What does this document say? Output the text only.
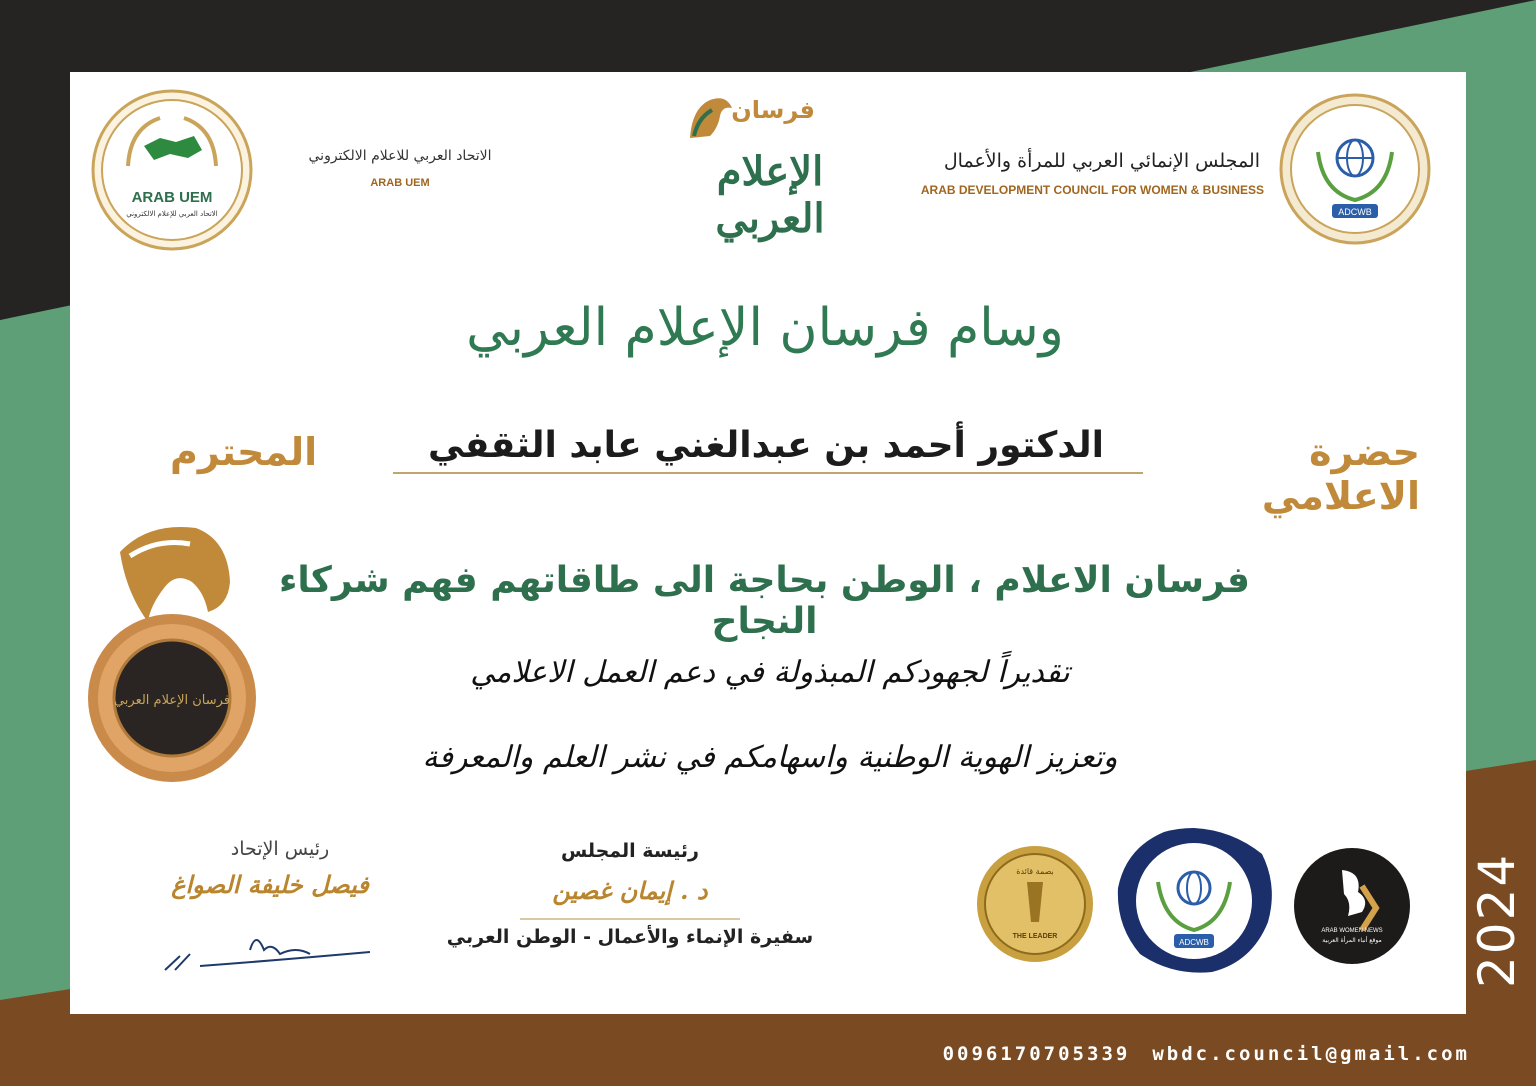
ADCWB
المجلس الإنمائي العربي للمرأة والأعمال
ARAB DEVELOPMENT COUNCIL FOR WOMEN & BUSINESS
فرسان
الإعلام العربي
الاتحاد العربي للاعلام الالكتروني
ARAB UEM
ARAB UEM
الاتحاد العربي للإعلام الالكتروني
وسام فرسان الإعلام العربي
حضرة الاعلامي
الدكتور أحمد بن عبدالغني عابد الثقفي
المحترم
فرسان الإعلام العربي
فرسان الاعلام ، الوطن بحاجة الى طاقاتهم فهم شركاء النجاح
تقديراً لجهودكم المبذولة في دعم العمل الاعلامي
وتعزيز الهوية الوطنية واسهامكم في نشر العلم والمعرفة
رئيس الإتحاد
فيصل خليفة الصواغ
رئيسة المجلس
د . إيمان غصين
سفيرة الإنماء والأعمال - الوطن العربي
بصمة قائدة
THE LEADER
ADCWB
ARAB WOMEN NEWS
موقع أنباء المرأة العربية 2024
0096170705339 wbdc.council@gmail.com
